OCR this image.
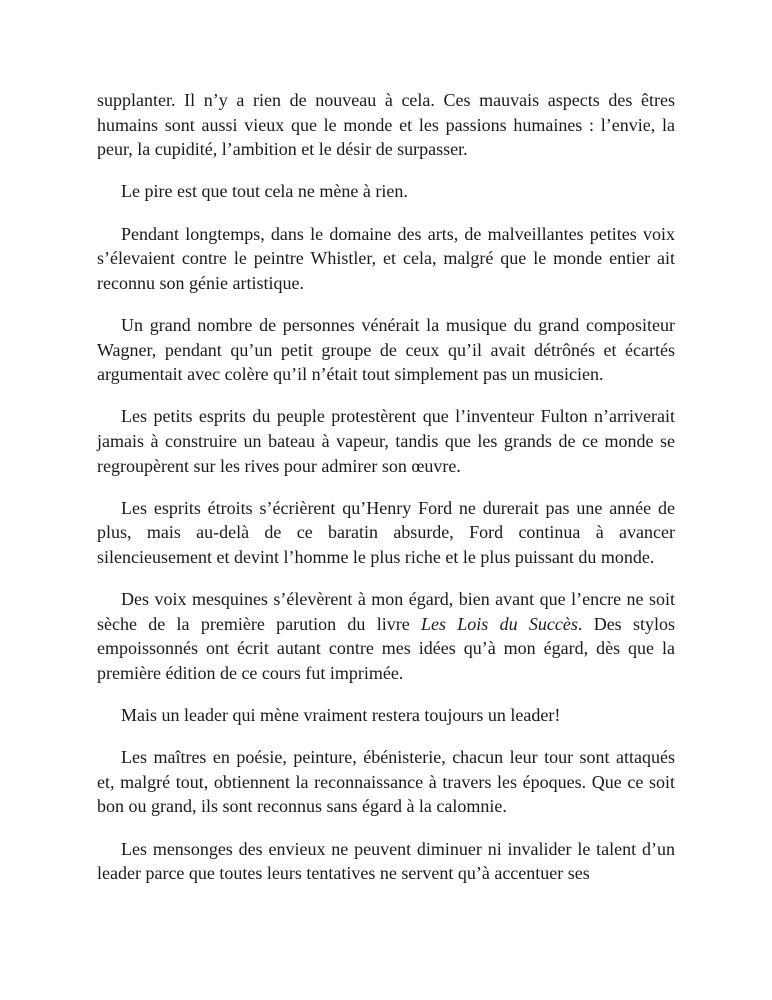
supplanter. Il n’y a rien de nouveau à cela. Ces mauvais aspects des êtres humains sont aussi vieux que le monde et les passions humaines : l’envie, la peur, la cupidité, l’ambition et le désir de surpasser.

Le pire est que tout cela ne mène à rien.

Pendant longtemps, dans le domaine des arts, de malveillantes petites voix s’élevaient contre le peintre Whistler, et cela, malgré que le monde entier ait reconnu son génie artistique.

Un grand nombre de personnes vénérait la musique du grand compositeur Wagner, pendant qu’un petit groupe de ceux qu’il avait détrônés et écartés argumentait avec colère qu’il n’était tout simplement pas un musicien.

Les petits esprits du peuple protestèrent que l’inventeur Fulton n’arriverait jamais à construire un bateau à vapeur, tandis que les grands de ce monde se regroupèrent sur les rives pour admirer son œuvre.

Les esprits étroits s’écrièrent qu’Henry Ford ne durerait pas une année de plus, mais au-delà de ce baratin absurde, Ford continua à avancer silencieusement et devint l’homme le plus riche et le plus puissant du monde.

Des voix mesquines s’élevèrent à mon égard, bien avant que l’encre ne soit sèche de la première parution du livre Les Lois du Succès. Des stylos empoissonnés ont écrit autant contre mes idées qu’à mon égard, dès que la première édition de ce cours fut imprimée.

Mais un leader qui mène vraiment restera toujours un leader!

Les maîtres en poésie, peinture, ébénisterie, chacun leur tour sont attaqués et, malgré tout, obtiennent la reconnaissance à travers les époques. Que ce soit bon ou grand, ils sont reconnus sans égard à la calomnie.

Les mensonges des envieux ne peuvent diminuer ni invalider le talent d’un leader parce que toutes leurs tentatives ne servent qu’à accentuer ses
